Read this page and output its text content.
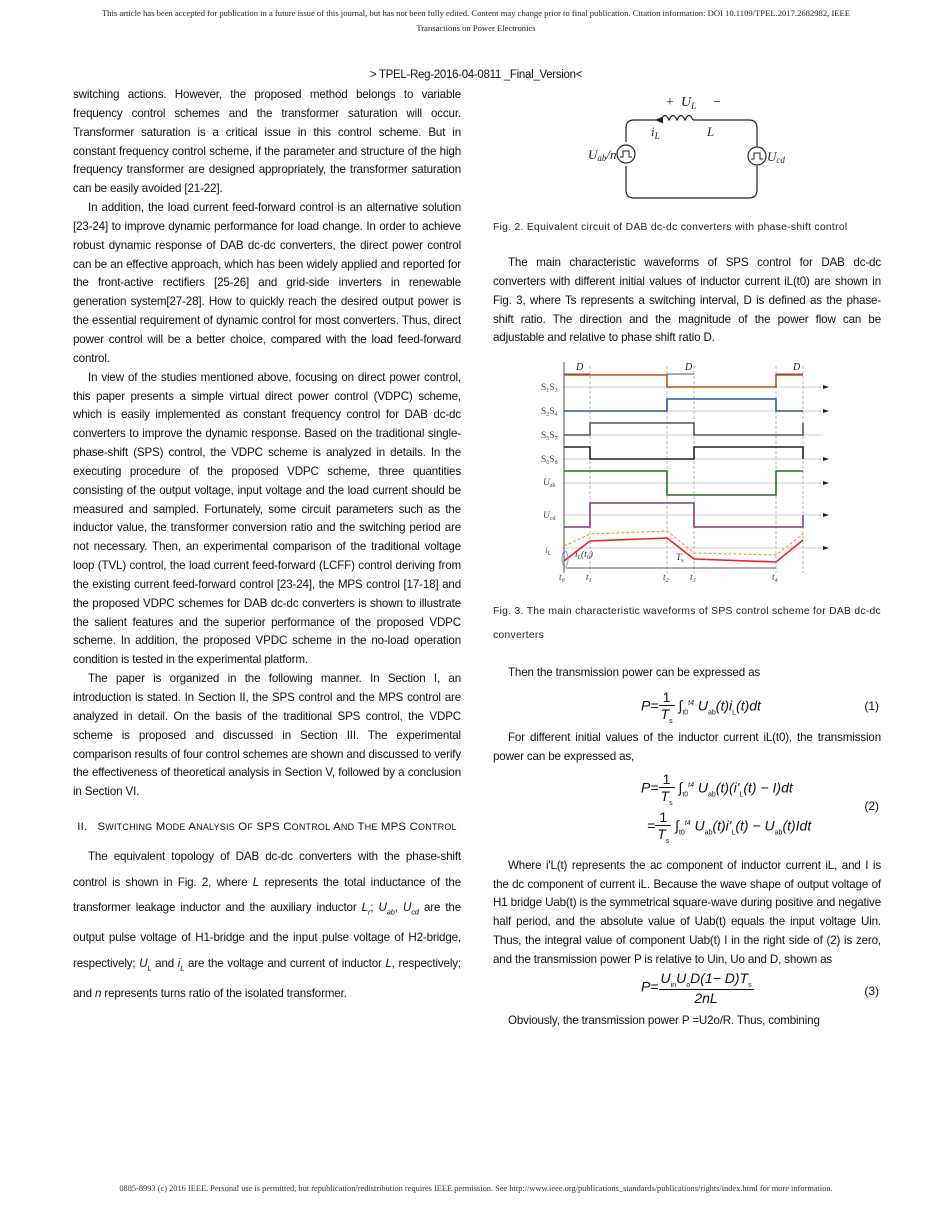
This article has been accepted for publication in a future issue of this journal, but has not been fully edited. Content may change prior to final publication. Citation information: DOI 10.1109/TPEL.2017.2682982, IEEE
Transactions on Power Electronics
> TPEL-Reg-2016-04-0811 _Final_Version<

switching actions. However, the proposed method belongs to variable frequency control schemes and the transformer saturation will occur. Transformer saturation is a critical issue in this control scheme. But in constant frequency control scheme, if the parameter and structure of the high frequency transformer are designed appropriately, the transformer saturation can be easily avoided [21-22].

In addition, the load current feed-forward control is an alternative solution [23-24] to improve dynamic performance for load change. In order to achieve robust dynamic response of DAB dc-dc converters, the direct power control can be an effective approach, which has been widely applied and reported for the front-active rectifiers [25-26] and grid-side inverters in renewable generation system[27-28]. How to quickly reach the desired output power is the essential requirement of dynamic control for most converters. Thus, direct power control will be a better choice, compared with the load feed-forward control.

In view of the studies mentioned above, focusing on direct power control, this paper presents a simple virtual direct power control (VDPC) scheme, which is easily implemented as constant frequency control for DAB dc-dc converters to improve the dynamic response. Based on the traditional single-phase-shift (SPS) control, the VDPC scheme is analyzed in details. In the executing procedure of the proposed VDPC scheme, three quantities consisting of the output voltage, input voltage and the load current should be measured and sampled. Fortunately, some circuit parameters such as the inductor value, the transformer conversion ratio and the switching period are not necessary. Then, an experimental comparison of the traditional voltage loop (TVL) control, the load current feed-forward (LCFF) control deriving from the existing current feed-forward control [23-24], the MPS control [17-18] and the proposed VDPC schemes for DAB dc-dc converters is shown to illustrate the salient features and the superior performance of the proposed VDPC scheme. In addition, the proposed VPDC scheme in the no-load operation condition is tested in the experimental platform.

The paper is organized in the following manner. In Section I, an introduction is stated. In Section II, the SPS control and the MPS control are analyzed in detail. On the basis of the traditional SPS control, the VDPC scheme is proposed and discussed in Section III. The experimental comparison results of four control schemes are shown and discussed to verify the effectiveness of theoretical analysis in Section V, followed by a conclusion in Section VI.

II. SWITCHING MODE ANALYSIS OF SPS CONTROL AND THE MPS CONTROL

The equivalent topology of DAB dc-dc converters with the phase-shift control is shown in Fig. 2, where L represents the total inductance of the transformer leakage inductor and the auxiliary inductor $L_r$; $U_{ab}$, $U_{cd}$ are the output pulse voltage of H1-bridge and the input pulse voltage of H2-bridge, respectively; $U_L$ and $i_L$ are the voltage and current of inductor L, respectively; and n represents turns ratio of the isolated transformer.

+ $U_L$ −
$i_L$	L
Uab/n	Ucd
Fig. 2. Equivalent circuit of DAB dc-dc converters with phase-shift control

The main characteristic waveforms of SPS control for DAB dc-dc converters with different initial values of inductor current iL(t0) are shown in Fig. 3, where Ts represents a switching interval, D is defined as the phase-shift ratio. The direction and the magnitude of the power flow can be adjustable and relative to phase shift ratio D.

$S_1S_3$
$S_2S_4$
$S_5S_7$
$S_6S_8$
$U_{ab}$
$U_{cd}$
$i_L$
D	D	D
$i_L(t_0)$	$T_s$
$t_0$ $t_1$	$t_2$ $t_3$	$t_4$
Fig. 3. The main characteristic waveforms of SPS control scheme for DAB dc-dc converters

Then the transmission power can be expressed as

$P= \frac{1}{T_s} \int_{t0}^{t4}$ $U_{ab}(t)i_L(t)dt$	(1)

For different initial values of the inductor current iL(t0), the transmission power can be expressed as,

$P= \frac{1}{T_s} \int_{t0}^{t4}$ $U_{ab}(t)(i'_L(t) - I)dt$
= $\frac{1}{T_s} \int_{t0}^{t4}$ $U_{ab}(t)i'_L(t) - U_{ab}(t)Idt$
(2)

Where i'L(t) represents the ac component of inductor current iL, and I is the dc component of current iL. Because the wave shape of output voltage of H1 bridge Uab(t) is the symmetrical square-wave during positive and negative half period, and the absolute value of Uab(t) equals the input voltage Uin. Thus, the integral value of component Uab(t) I in the right side of (2) is zero, and the transmission power P is relative to Uin, Uo and D, shown as

$P= \frac{U_{in}U_oD(1- D)T_s}{2nL}$	(3)

Obviously, the transmission power P =U2o/R. Thus, combining

0885-8993 (c) 2016 IEEE. Personal use is permitted, but republication/redistribution requires IEEE permission. See http://www.ieee.org/publications_standards/publications/rights/index.html for more information.
